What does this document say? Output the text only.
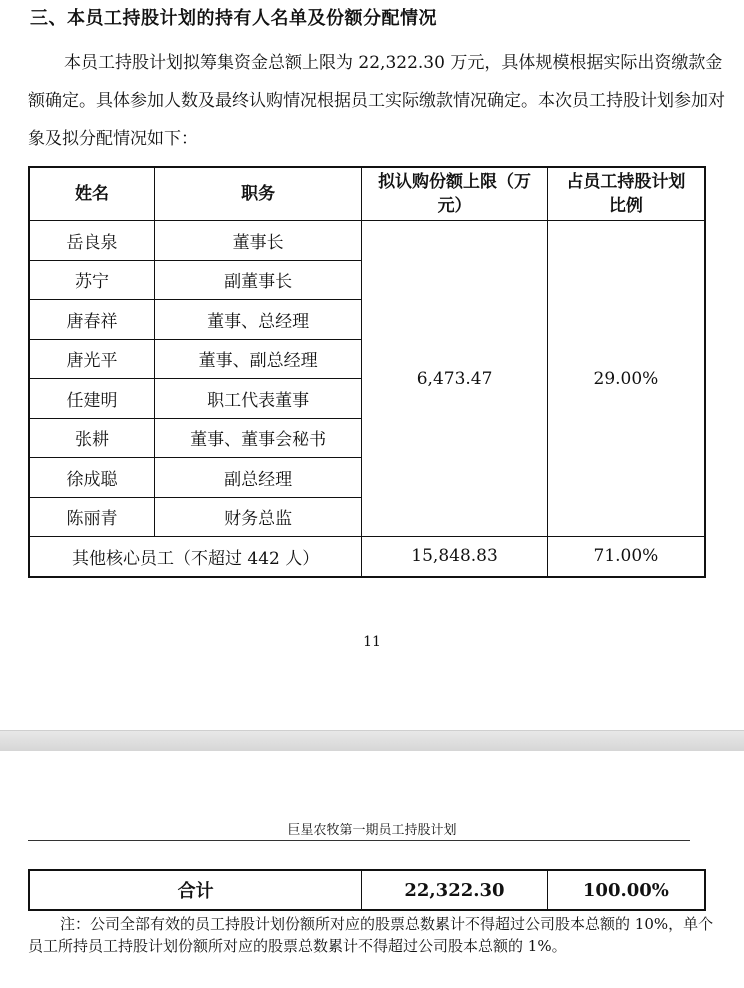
三、本员工持股计划的持有人名单及份额分配情况
本员工持股计划拟筹集资金总额上限为 22,322.30 万元，具体规模根据实际出资缴款金额确定。具体参加人数及最终认购情况根据员工实际缴款情况确定。本次员工持股计划参加对象及拟分配情况如下：
姓名	职务	拟认购份额上限（万元）	占员工持股计划比例
岳良泉	董事长	6,473.47	29.00%
苏宁	副董事长		
唐春祥	董事、总经理		
唐光平	董事、副总经理		
任建明	职工代表董事		
张耕	董事、董事会秘书		
徐成聪	副总经理		
陈丽青	财务总监		
其他核心员工（不超过 442 人）		15,848.83	71.00%
11
巨星农牧第一期员工持股计划
合计	22,322.30	100.00%
注：公司全部有效的员工持股计划份额所对应的股票总数累计不得超过公司股本总额的 10%，单个员工所持员工持股计划份额所对应的股票总数累计不得超过公司股本总额的 1%。
